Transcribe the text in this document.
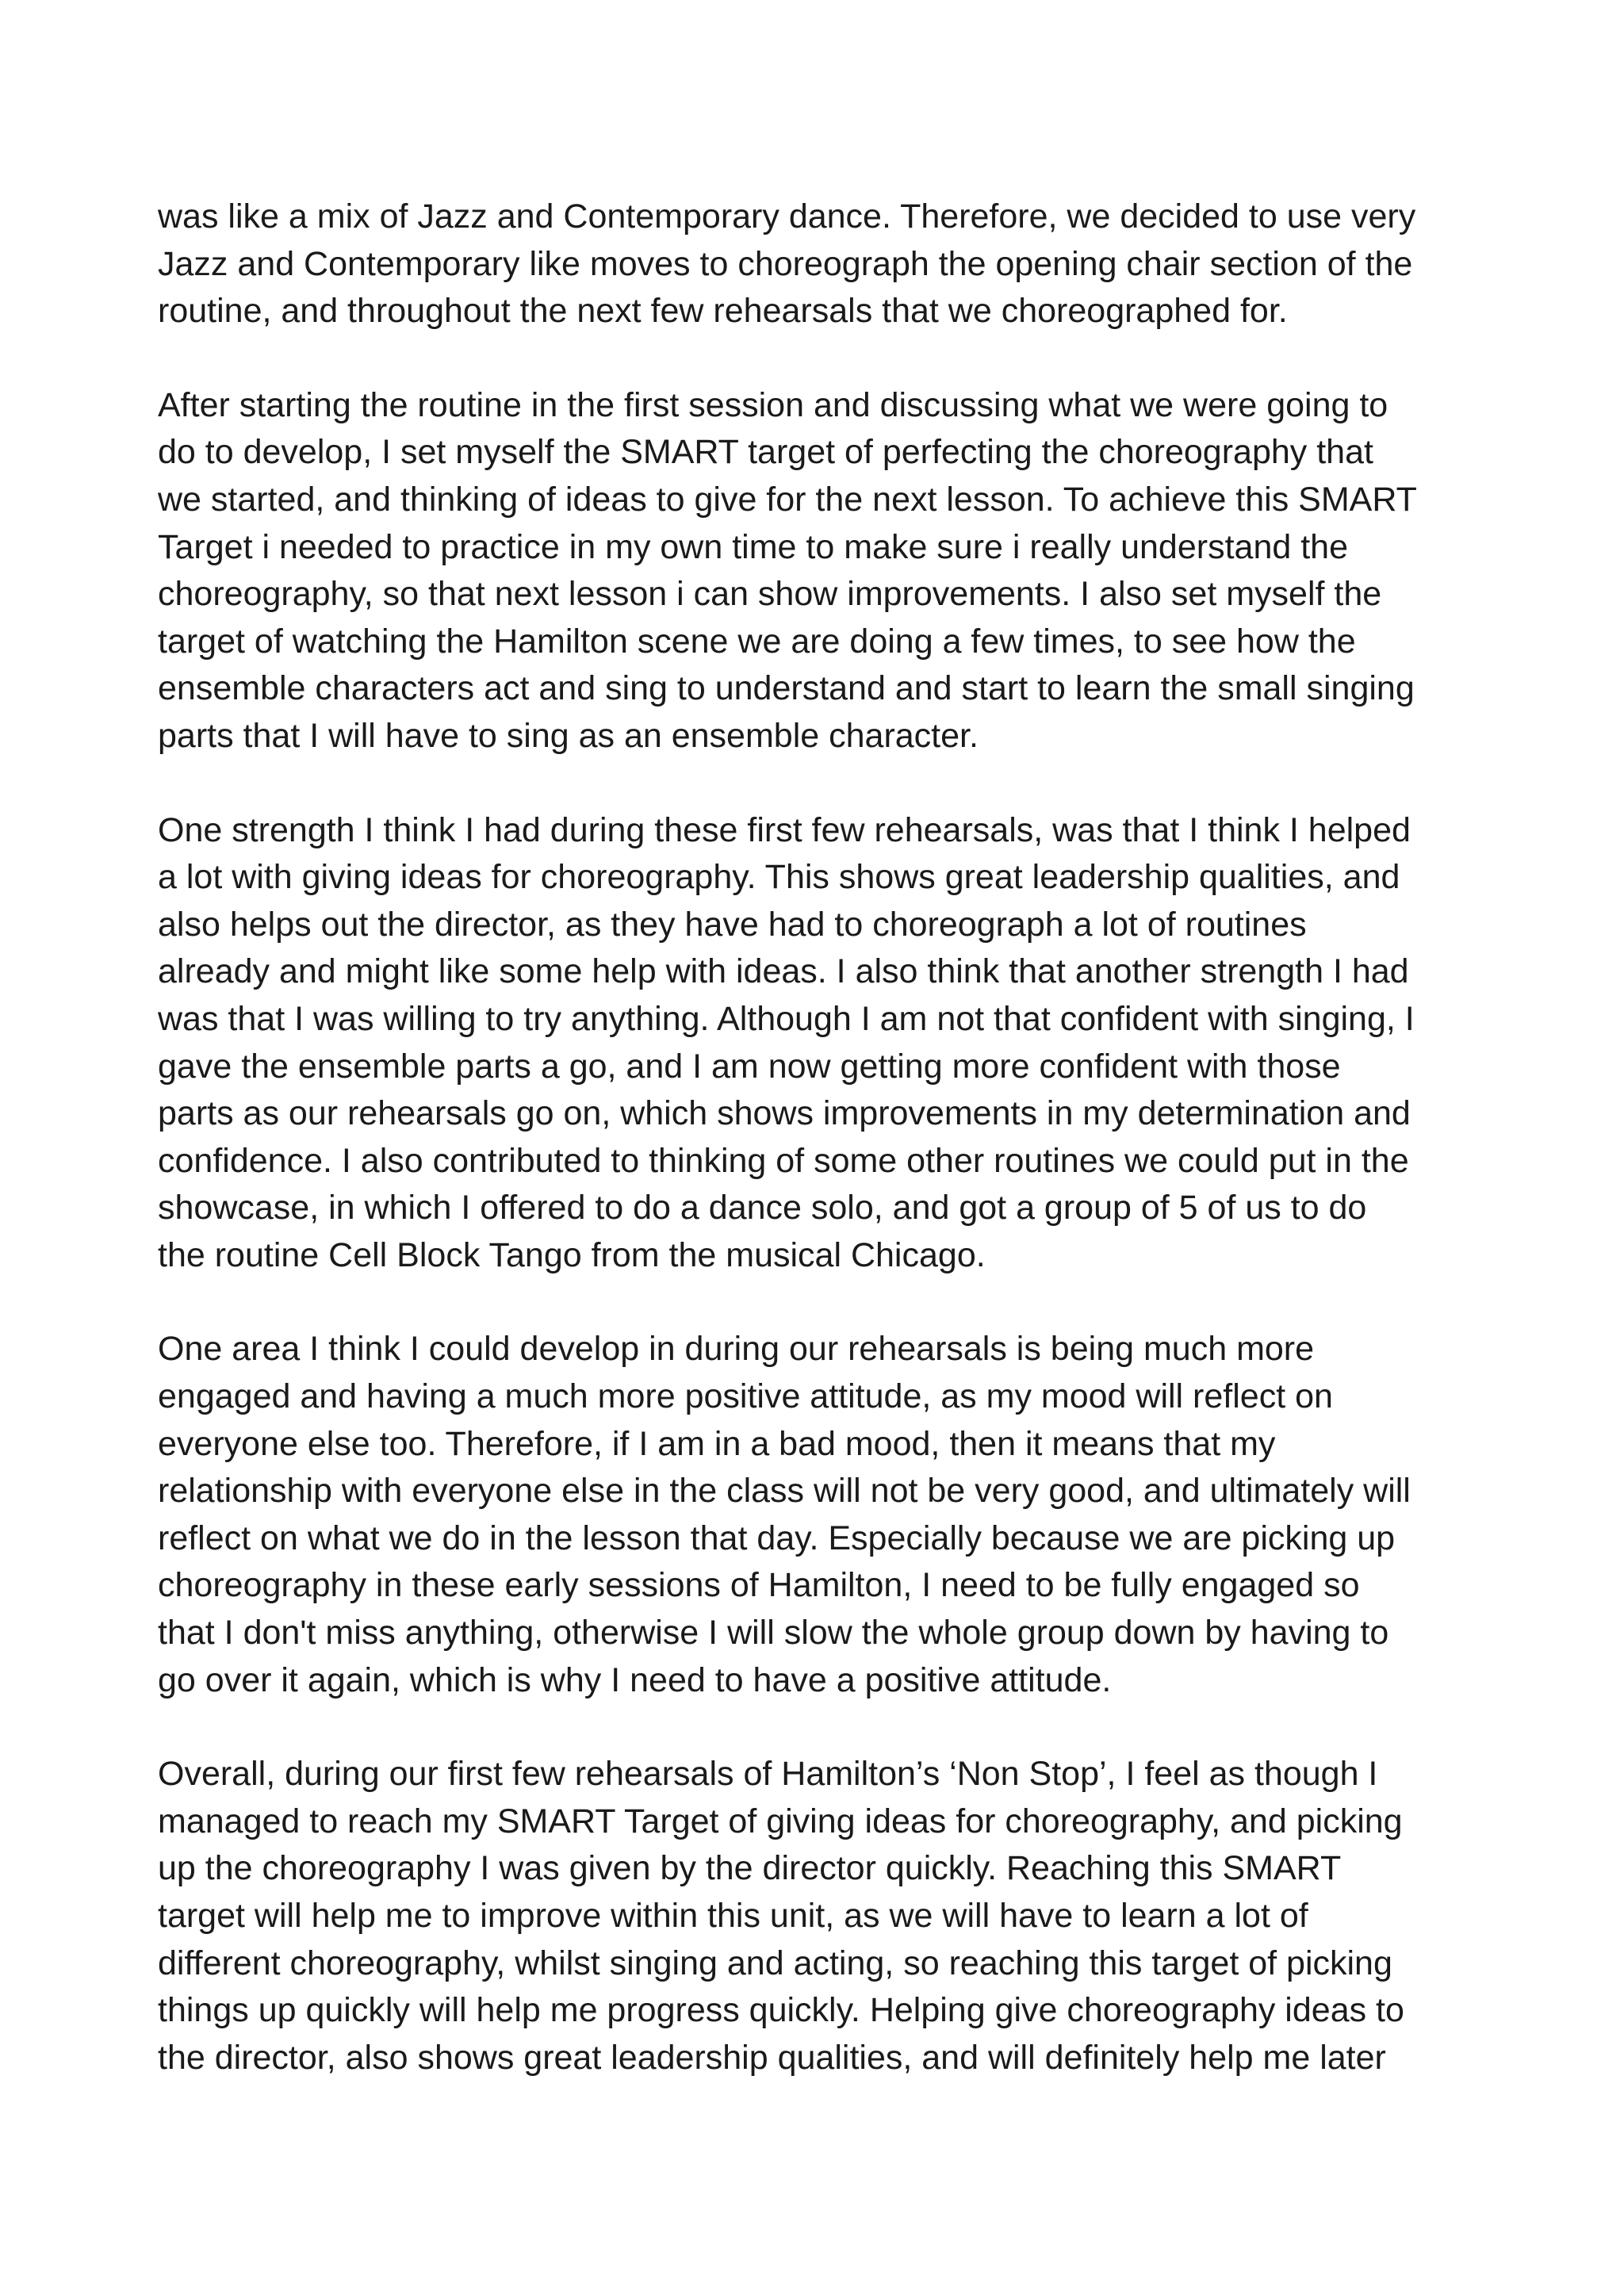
was like a mix of Jazz and Contemporary dance. Therefore, we decided to use very
Jazz and Contemporary like moves to choreograph the opening chair section of the
routine, and throughout the next few rehearsals that we choreographed for.

After starting the routine in the first session and discussing what we were going to
do to develop, I set myself the SMART target of perfecting the choreography that
we started, and thinking of ideas to give for the next lesson. To achieve this SMART
Target i needed to practice in my own time to make sure i really understand the
choreography, so that next lesson i can show improvements. I also set myself the
target of watching the Hamilton scene we are doing a few times, to see how the
ensemble characters act and sing to understand and start to learn the small singing
parts that I will have to sing as an ensemble character.

One strength I think I had during these first few rehearsals, was that I think I helped
a lot with giving ideas for choreography. This shows great leadership qualities, and
also helps out the director, as they have had to choreograph a lot of routines
already and might like some help with ideas. I also think that another strength I had
was that I was willing to try anything. Although I am not that confident with singing, I
gave the ensemble parts a go, and I am now getting more confident with those
parts as our rehearsals go on, which shows improvements in my determination and
confidence. I also contributed to thinking of some other routines we could put in the
showcase, in which I offered to do a dance solo, and got a group of 5 of us to do
the routine Cell Block Tango from the musical Chicago.

One area I think I could develop in during our rehearsals is being much more
engaged and having a much more positive attitude, as my mood will reflect on
everyone else too. Therefore, if I am in a bad mood, then it means that my
relationship with everyone else in the class will not be very good, and ultimately will
reflect on what we do in the lesson that day. Especially because we are picking up
choreography in these early sessions of Hamilton, I need to be fully engaged so
that I don't miss anything, otherwise I will slow the whole group down by having to
go over it again, which is why I need to have a positive attitude.

Overall, during our first few rehearsals of Hamilton’s ‘Non Stop’, I feel as though I
managed to reach my SMART Target of giving ideas for choreography, and picking
up the choreography I was given by the director quickly. Reaching this SMART
target will help me to improve within this unit, as we will have to learn a lot of
different choreography, whilst singing and acting, so reaching this target of picking
things up quickly will help me progress quickly. Helping give choreography ideas to
the director, also shows great leadership qualities, and will definitely help me later
